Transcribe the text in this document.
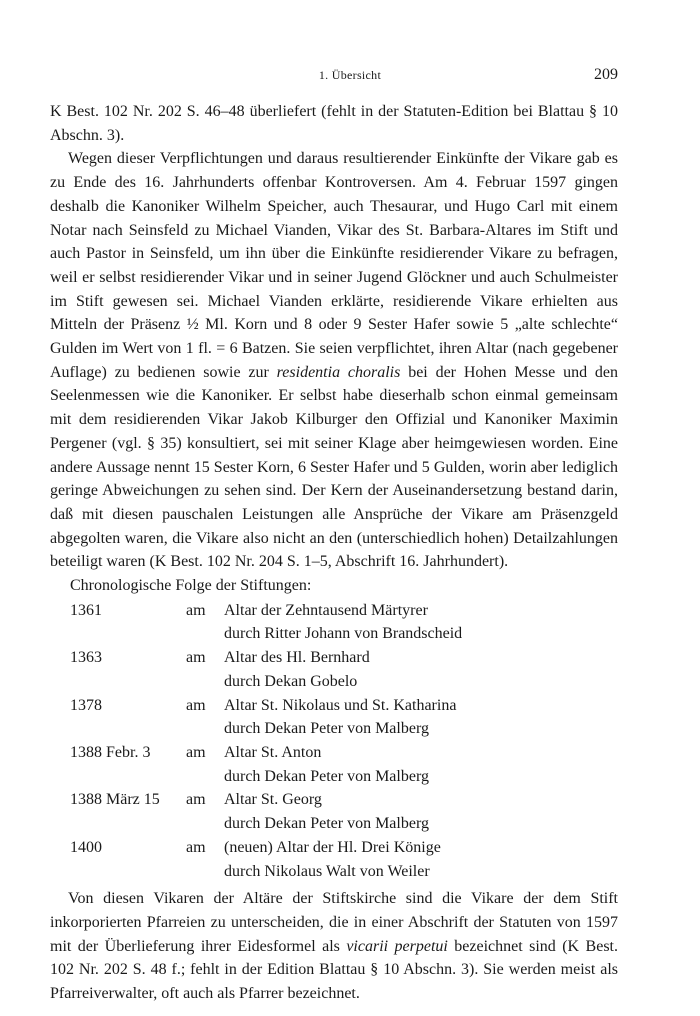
1. Übersicht	209

K Best. 102 Nr. 202 S. 46–48 überliefert (fehlt in der Statuten-Edition bei Blattau § 10 Abschn. 3).

Wegen dieser Verpflichtungen und daraus resultierender Einkünfte der Vikare gab es zu Ende des 16. Jahrhunderts offenbar Kontroversen. Am 4. Februar 1597 gingen deshalb die Kanoniker Wilhelm Speicher, auch Thesaurar, und Hugo Carl mit einem Notar nach Seinsfeld zu Michael Vianden, Vikar des St. Barbara-Altares im Stift und auch Pastor in Seinsfeld, um ihn über die Einkünfte residierender Vikare zu befragen, weil er selbst residierender Vikar und in seiner Jugend Glöckner und auch Schulmeister im Stift gewesen sei. Michael Vianden erklärte, residierende Vikare erhielten aus Mitteln der Präsenz ½ Ml. Korn und 8 oder 9 Sester Hafer sowie 5 „alte schlechte“ Gulden im Wert von 1 fl. = 6 Batzen. Sie seien verpflichtet, ihren Altar (nach gegebener Auflage) zu bedienen sowie zur residentia choralis bei der Hohen Messe und den Seelenmessen wie die Kanoniker. Er selbst habe dieserhalb schon einmal gemeinsam mit dem residierenden Vikar Jakob Kilburger den Offizial und Kanoniker Maximin Pergener (vgl. § 35) konsultiert, sei mit seiner Klage aber heimgewiesen worden. Eine andere Aussage nennt 15 Sester Korn, 6 Sester Hafer und 5 Gulden, worin aber lediglich geringe Abweichungen zu sehen sind. Der Kern der Auseinandersetzung bestand darin, daß mit diesen pauschalen Leistungen alle Ansprüche der Vikare am Präsenzgeld abgegolten waren, die Vikare also nicht an den (unterschiedlich hohen) Detailzahlungen beteiligt waren (K Best. 102 Nr. 204 S. 1–5, Abschrift 16. Jahrhundert).

Chronologische Folge der Stiftungen:

1361	am	Altar der Zehntausend Märtyrer
durch Ritter Johann von Brandscheid

1363	am	Altar des Hl. Bernhard
durch Dekan Gobelo

1378	am	Altar St. Nikolaus und St. Katharina
durch Dekan Peter von Malberg

1388 Febr. 3	am	Altar St. Anton
durch Dekan Peter von Malberg

1388 März 15	am	Altar St. Georg
durch Dekan Peter von Malberg

1400	am	(neuen) Altar der Hl. Drei Könige
durch Nikolaus Walt von Weiler

Von diesen Vikaren der Altäre der Stiftskirche sind die Vikare der dem Stift inkorporierten Pfarreien zu unterscheiden, die in einer Abschrift der Statuten von 1597 mit der Überlieferung ihrer Eidesformel als vicarii perpetui bezeichnet sind (K Best. 102 Nr. 202 S. 48 f.; fehlt in der Edition Blattau § 10 Abschn. 3). Sie werden meist als Pfarreiverwalter, oft auch als Pfarrer bezeichnet.
